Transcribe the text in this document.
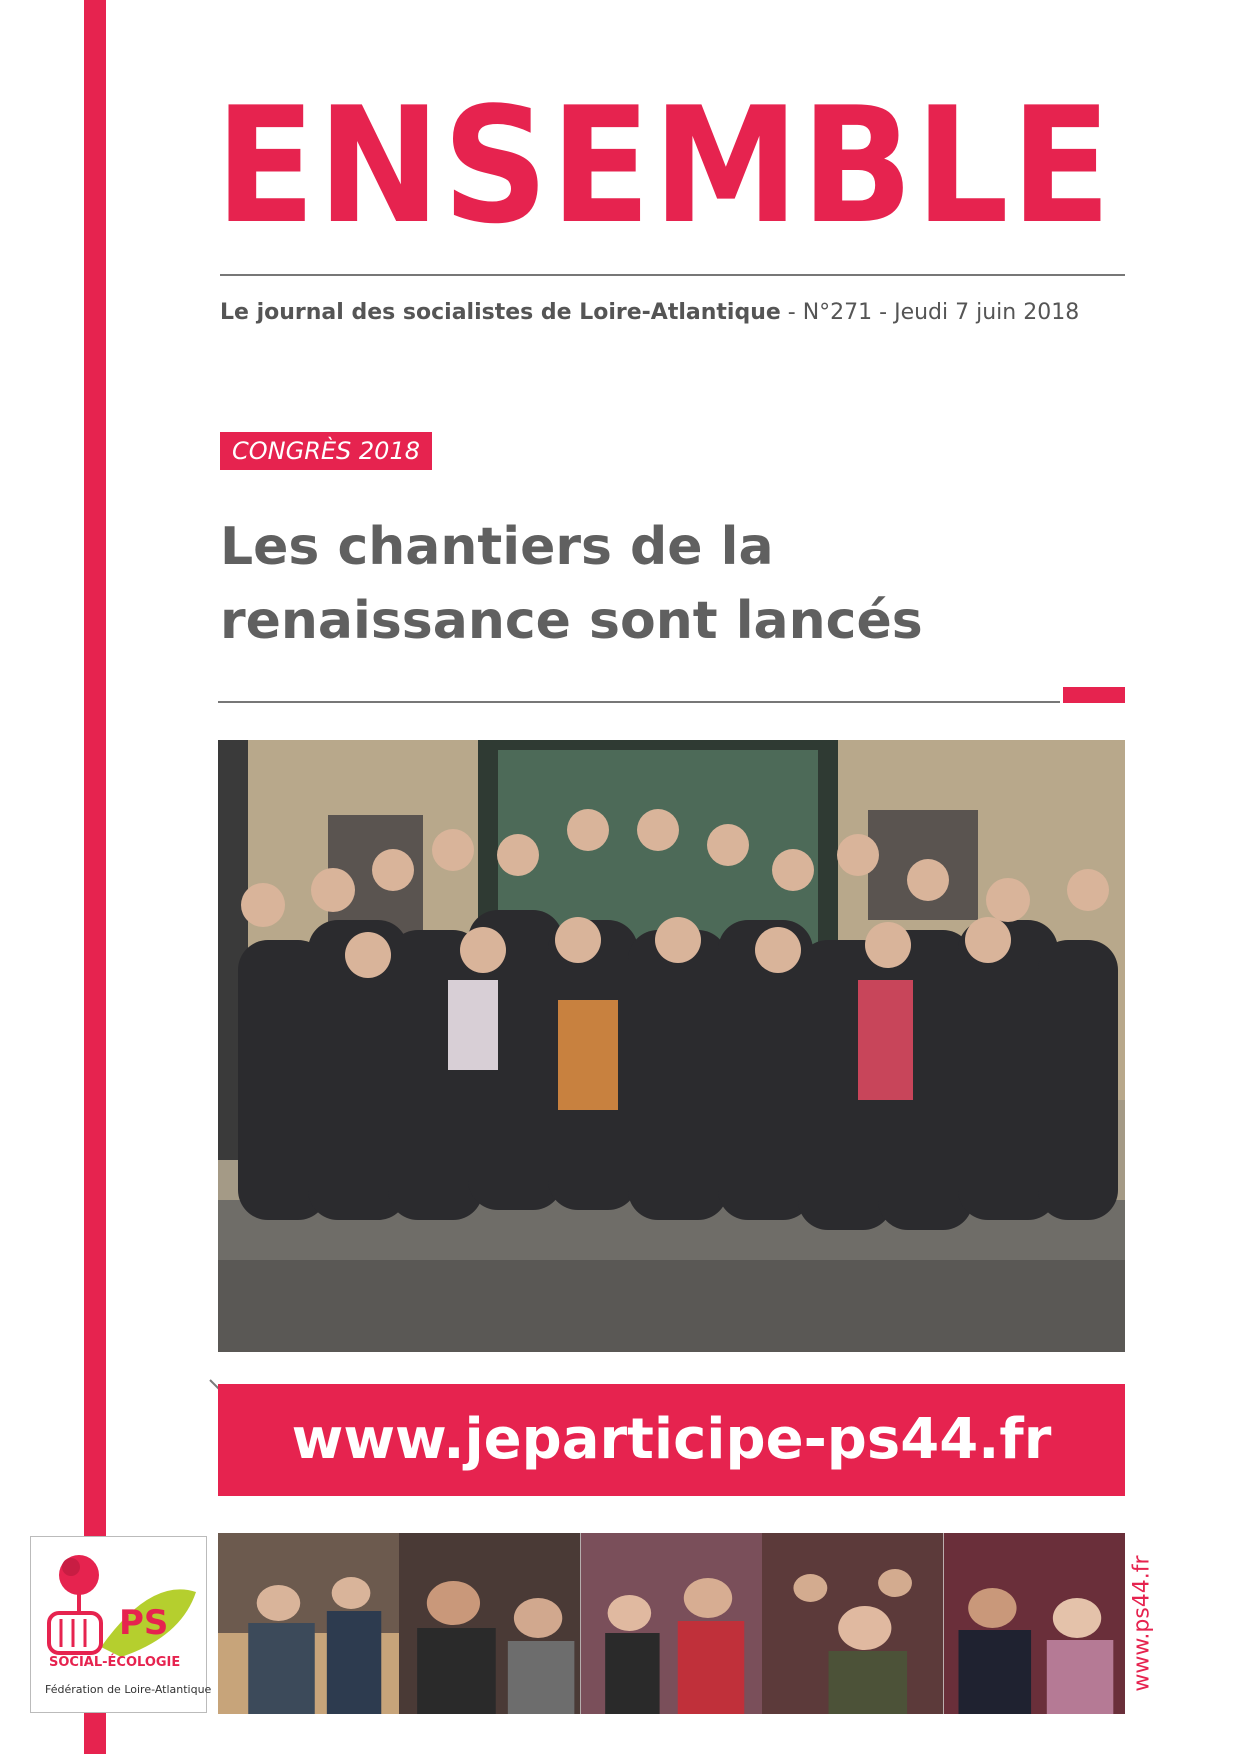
ENSEMBLE
Le journal des socialistes de Loire-Atlantique - N°271 - Jeudi 7 juin 2018
CONGRÈS 2018
Les chantiers de la
renaissance sont lancés
www.jeparticipe-ps44.fr
PS
SOCIAL-ÉCOLOGIE
Fédération de Loire-Atlantique	www.ps44.fr
